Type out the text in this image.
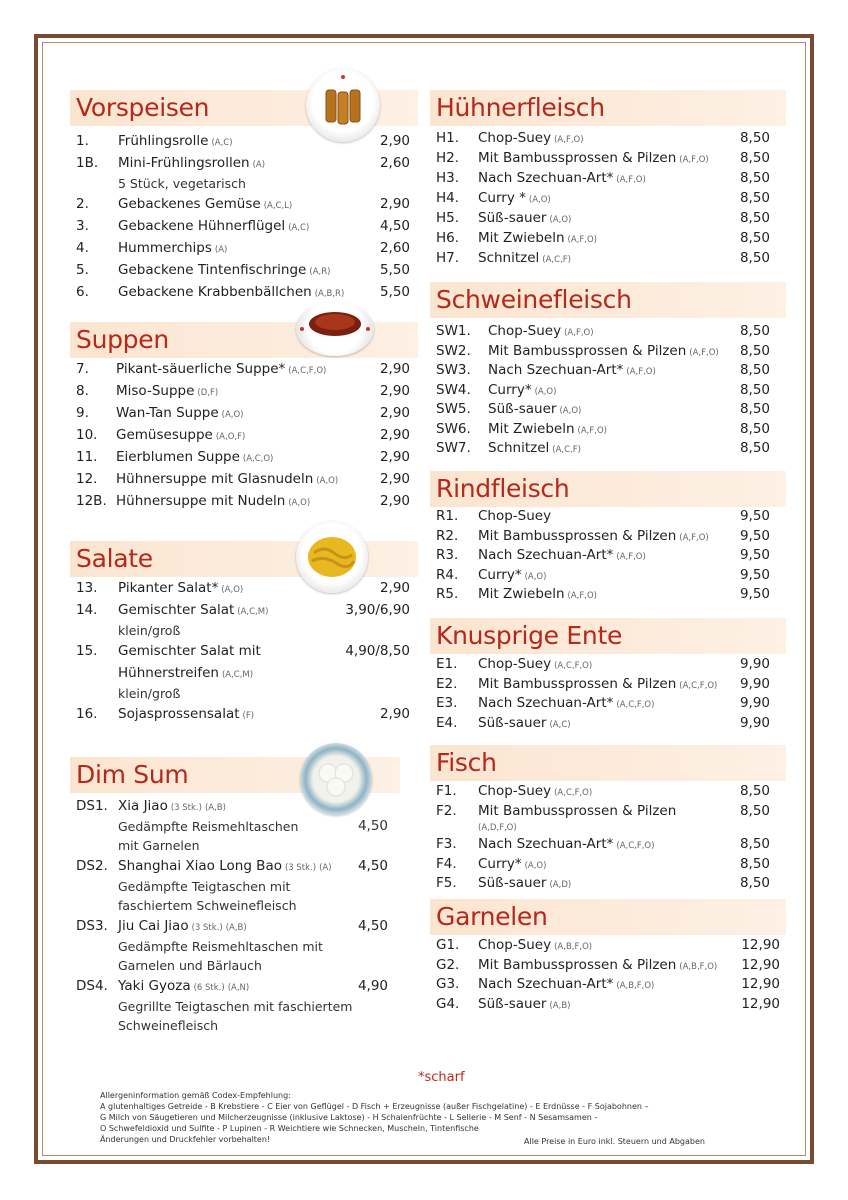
Vorspeisen
1. Frühlingsrolle (A,C)	2,90
1B. Mini-Frühlingsrollen (A)	2,60
5 Stück, vegetarisch
2. Gebackenes Gemüse (A,C,L)	2,90
3. Gebackene Hühnerflügel (A,C)	4,50
4. Hummerchips (A)	2,60
5. Gebackene Tintenfischringe (A,R)	5,50
6. Gebackene Krabbenbällchen (A,B,R)	5,50
Suppen
7. Pikant-säuerliche Suppe* (A,C,F,O)	2,90
8. Miso-Suppe (D,F)	2,90
9. Wan-Tan Suppe (A,O)	2,90
10. Gemüsesuppe (A,O,F)	2,90
11. Eierblumen Suppe (A,C,O)	2,90
12. Hühnersuppe mit Glasnudeln (A,O)	2,90
12B. Hühnersuppe mit Nudeln (A,O)	2,90
Salate
13. Pikanter Salat* (A,O)	2,90
14. Gemischter Salat (A,C,M)	3,90/6,90
klein/groß
15. Gemischter Salat mit	4,90/8,50
Hühnerstreifen (A,C,M)
klein/groß
16. Sojasprossensalat (F)	2,90
Dim Sum
DS1. Xia Jiao (3 Stk.) (A,B)
Gedämpfte Reismehltaschen	4,50
mit Garnelen
DS2. Shanghai Xiao Long Bao (3 Stk.) (A) 4,50
Gedämpfte Teigtaschen mit
faschiertem Schweinefleisch
DS3. Jiu Cai Jiao (3 Stk.) (A,B)	4,50
Gedämpfte Reismehltaschen mit
Garnelen und Bärlauch
DS4. Yaki Gyoza (6 Stk.) (A,N)	4,90
Gegrillte Teigtaschen mit faschiertem
Schweinefleisch
Hühnerfleisch
H1. Chop-Suey (A,F,O)	8,50
H2. Mit Bambussprossen & Pilzen (A,F,O) 8,50
H3. Nach Szechuan-Art* (A,F,O)	8,50
H4. Curry * (A,O)	8,50
H5. Süß-sauer (A,O)	8,50
H6. Mit Zwiebeln (A,F,O)	8,50
H7. Schnitzel (A,C,F)	8,50
Schweinefleisch
SW1. Chop-Suey (A,F,O)	8,50
SW2. Mit Bambussprossen & Pilzen (A,F,O) 8,50
SW3. Nach Szechuan-Art* (A,F,O)	8,50
SW4. Curry* (A,O)	8,50
SW5. Süß-sauer (A,O)	8,50
SW6. Mit Zwiebeln (A,F,O)	8,50
SW7. Schnitzel (A,C,F)	8,50
Rindfleisch
R1. Chop-Suey	9,50
R2. Mit Bambussprossen & Pilzen (A,F,O) 9,50
R3. Nach Szechuan-Art* (A,F,O)	9,50
R4. Curry* (A,O)	9,50
R5. Mit Zwiebeln (A,F,O)	9,50
Knusprige Ente
E1. Chop-Suey (A,C,F,O)	9,90
E2. Mit Bambussprossen & Pilzen (A,C,F,O) 9,90
E3. Nach Szechuan-Art* (A,C,F,O)	9,90
E4. Süß-sauer (A,C)	9,90
Fisch
F1. Chop-Suey (A,C,F,O)	8,50
F2. Mit Bambussprossen & Pilzen	8,50
(A,D,F,O)
F3. Nach Szechuan-Art* (A,C,F,O)	8,50
F4. Curry* (A,O)	8,50
F5. Süß-sauer (A,D)	8,50
Garnelen
G1. Chop-Suey (A,B,F,O)	12,90
G2. Mit Bambussprossen & Pilzen (A,B,F,O) 12,90
G3. Nach Szechuan-Art* (A,B,F,O)	12,90
G4. Süß-sauer (A,B)	12,90
*scharf
Allergeninformation gemäß Codex-Empfehlung:
A glutenhaltiges Getreide - B Krebstiere - C Eier von Geflügel - D Fisch + Erzeugnisse (außer Fischgelatine) - E Erdnüsse - F Sojabohnen –
G Milch von Säugetieren und Milcherzeugnisse (inklusive Laktose) - H Schalenfrüchte - L Sellerie - M Senf - N Sesamsamen -
O Schwefeldioxid und Sulfite - P Lupinen - R Weichtiere wie Schnecken, Muscheln, Tintenfische
Änderungen und Druckfehler vorbehalten!	Alle Preise in Euro inkl. Steuern und Abgaben
